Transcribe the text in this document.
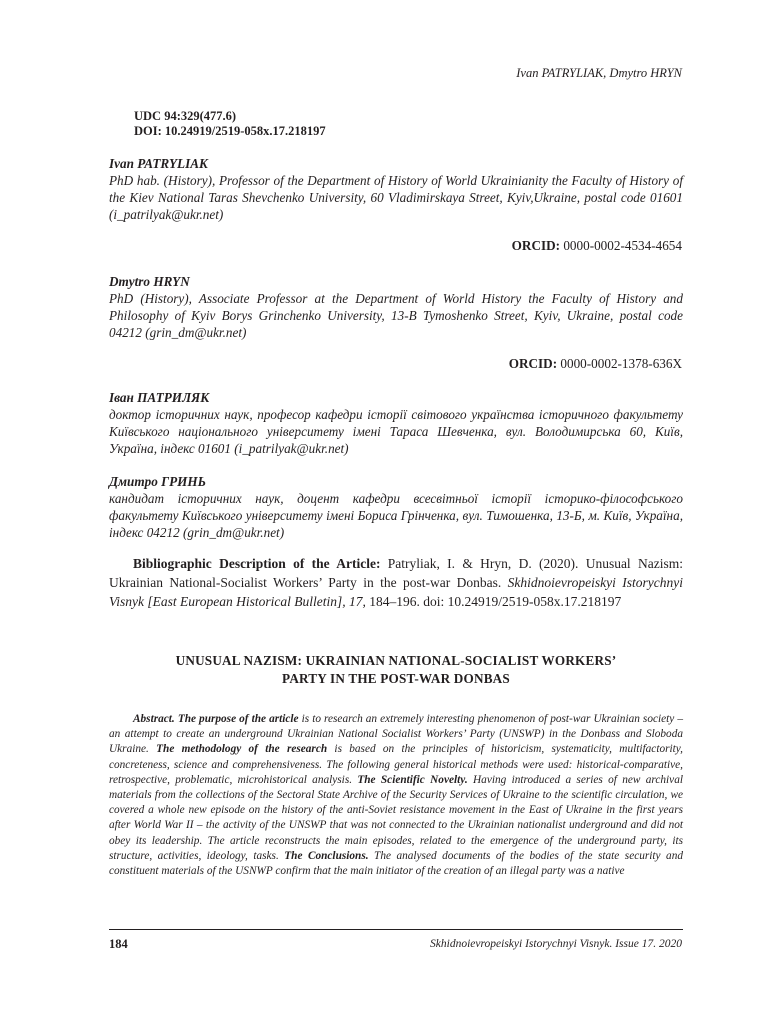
Ivan PATRYLIAK, Dmytro HRYN
UDC 94:329(477.6)
DOI: 10.24919/2519-058x.17.218197
Ivan PATRYLIAK
PhD hab. (History), Professor of the Department of History of World Ukrainianity the Faculty of History of the Kiev National Taras Shevchenko University, 60 Vladimirskaya Street, Kyiv,Ukraine, postal code 01601 (i_patrilyak@ukr.net)
ORCID: 0000-0002-4534-4654
Dmytro HRYN
PhD (History), Associate Professor at the Department of World History the Faculty of History and Philosophy of Kyiv Borys Grinchenko University, 13-B Tymoshenko Street, Kyiv, Ukraine, postal code 04212 (grin_dm@ukr.net)
ORCID: 0000-0002-1378-636X
Іван ПАТРИЛЯК
доктор історичних наук, професор кафедри історії світового українства історичного факультету Київського національного університету імені Тараса Шевченка, вул. Володимирська 60, Київ, Україна, індекс 01601 (i_patrilyak@ukr.net)
Дмитро ГРИНЬ
кандидат історичних наук, доцент кафедри всесвітньої історії історико-філософського факультету Київського університету імені Бориса Грінченка, вул. Тимошенка, 13-Б, м. Київ, Україна, індекс 04212 (grin_dm@ukr.net)
Bibliographic Description of the Article: Patryliak, I. & Hryn, D. (2020). Unusual Nazism: Ukrainian National-Socialist Workers’ Party in the post-war Donbas. Skhidnoievropeiskyi Istorychnyi Visnyk [East European Historical Bulletin], 17, 184–196. doi: 10.24919/2519-058x.17.218197
UNUSUAL NAZISM: UKRAINIAN NATIONAL-SOCIALIST WORKERS’
PARTY IN THE POST-WAR DONBAS
Abstract. The purpose of the article is to research an extremely interesting phenomenon of post-war Ukrainian society – an attempt to create an underground Ukrainian National Socialist Workers’ Party (UNSWP) in the Donbass and Sloboda Ukraine. The methodology of the research is based on the principles of historicism, systematicity, multifactority, concreteness, science and comprehensiveness. The following general historical methods were used: historical-comparative, retrospective, problematic, microhistorical analysis. The Scientific Novelty. Having introduced a series of new archival materials from the collections of the Sectoral State Archive of the Security Services of Ukraine to the scientific circulation, we covered a whole new episode on the history of the anti-Soviet resistance movement in the East of Ukraine in the first years after World War II – the activity of the UNSWP that was not connected to the Ukrainian nationalist underground and did not obey its leadership. The article reconstructs the main episodes, related to the emergence of the underground party, its structure, activities, ideology, tasks. The Conclusions. The analysed documents of the bodies of the state security and constituent materials of the USNWP confirm that the main initiator of the creation of an illegal party was a native
184	Skhidnoievropeiskyi Istorychnyi Visnyk. Issue 17. 2020
